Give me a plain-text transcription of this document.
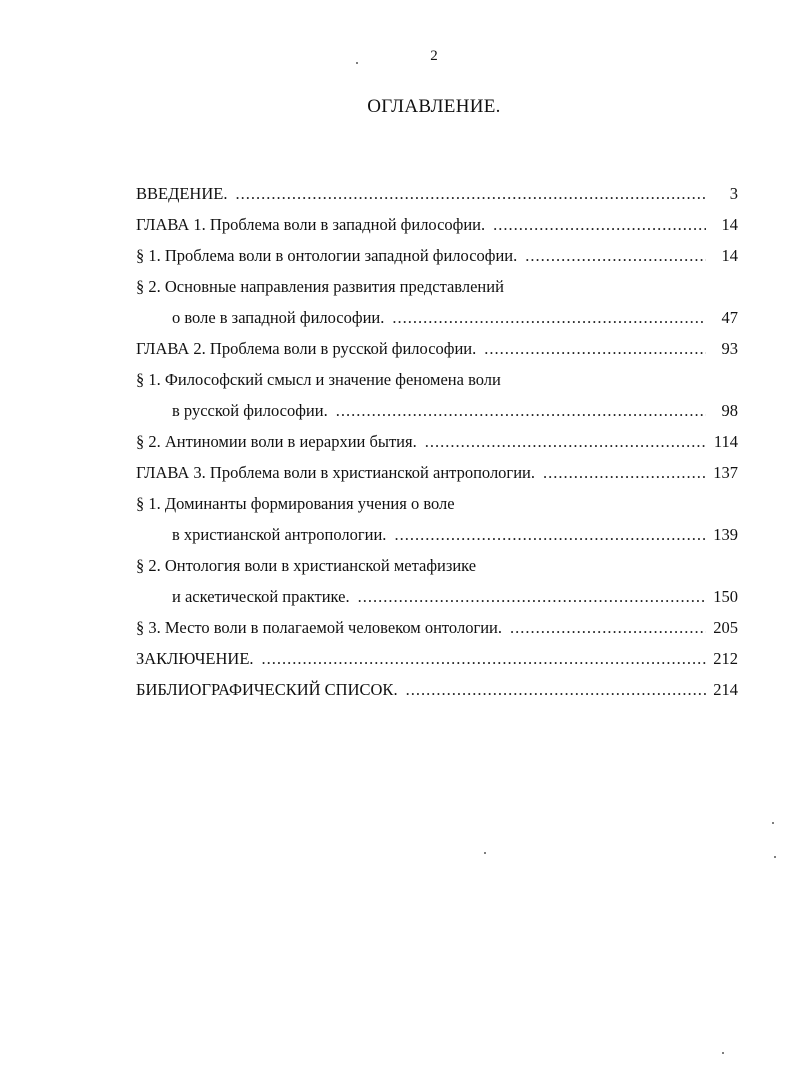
2
ОГЛАВЛЕНИЕ.
ВВЕДЕНИЕ. .....	3
ГЛАВА 1. Проблема воли в западной философии. .....	14
§ 1. Проблема воли в онтологии западной философии. .....	14
§ 2. Основные направления развития представлений
о воле в западной философии. .....	47
ГЛАВА 2. Проблема воли в русской философии. .....	93
§ 1. Философский смысл и значение феномена воли
в русской философии. .....	98
§ 2. Антиномии воли в иерархии бытия. .....	114
ГЛАВА 3. Проблема воли в христианской антропологии. .....	137
§ 1. Доминанты формирования учения о воле
в христианской антропологии. .....	139
§ 2. Онтология воли в христианской метафизике
и аскетической практике. .....	150
§ 3. Место воли в полагаемой человеком онтологии. .....	205
ЗАКЛЮЧЕНИЕ. .....	212
БИБЛИОГРАФИЧЕСКИЙ СПИСОК. .....	214
